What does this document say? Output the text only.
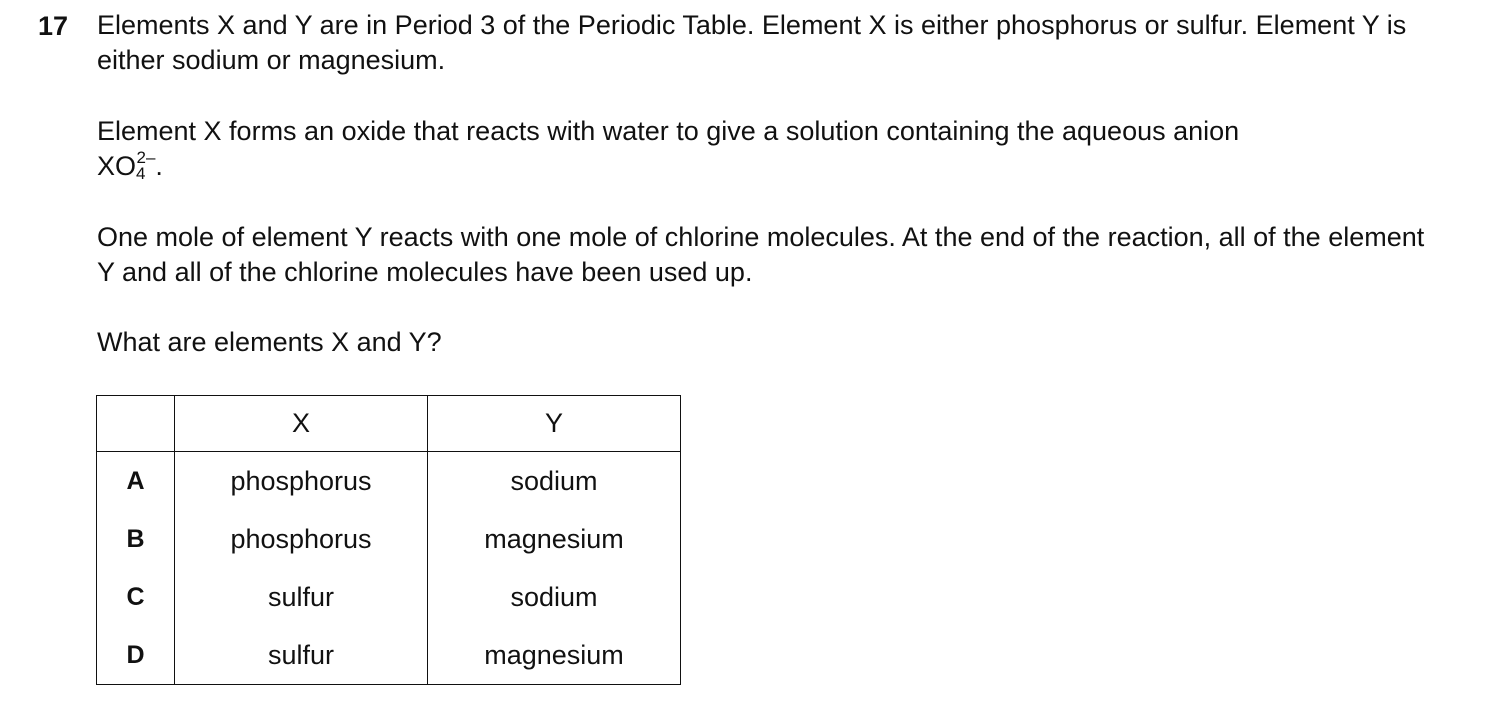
17 Elements X and Y are in Period 3 of the Periodic Table. Element X is either phosphorus or sulfur. Element Y is either sodium or magnesium.

Element X forms an oxide that reacts with water to give a solution containing the aqueous anion
$XO_4^{2-}$.

One mole of element Y reacts with one mole of chlorine molecules. At the end of the reaction, all of the element Y and all of the chlorine molecules have been used up.

What are elements X and Y?

	X	Y
A	phosphorus	sodium
B	phosphorus	magnesium
C	sulfur	sodium
D	sulfur	magnesium
